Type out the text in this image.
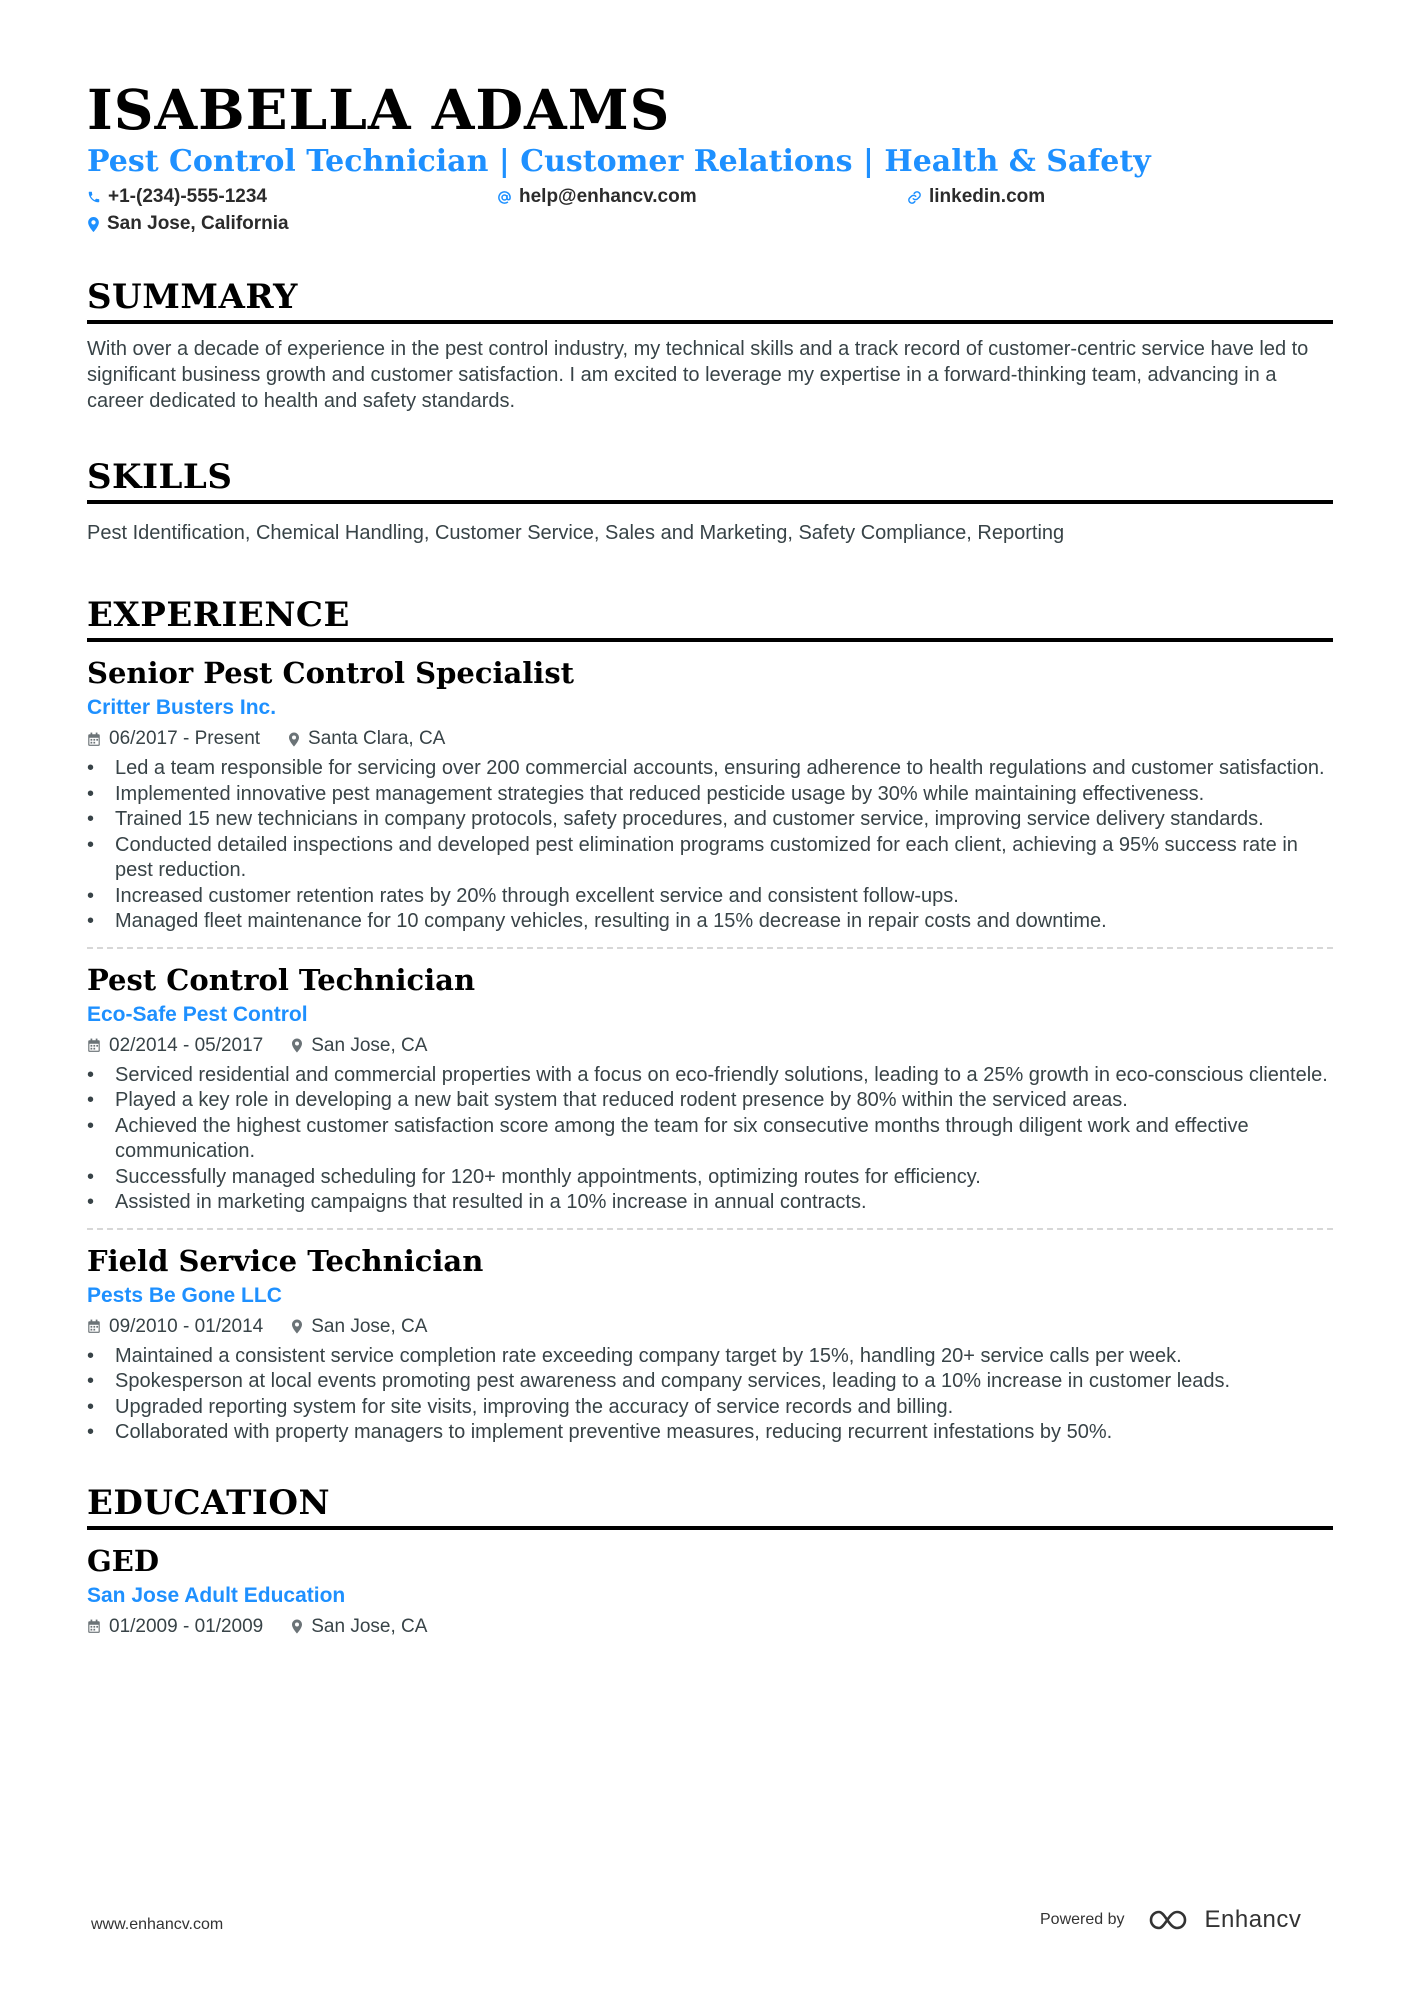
ISABELLA ADAMS
Pest Control Technician | Customer Relations | Health & Safety
+1-(234)-555-1234	help@enhancv.com	linkedin.com
San Jose, California
SUMMARY
With over a decade of experience in the pest control industry, my technical skills and a track record of customer-centric service have led to significant business growth and customer satisfaction. I am excited to leverage my expertise in a forward-thinking team, advancing in a career dedicated to health and safety standards.
SKILLS
Pest Identification, Chemical Handling, Customer Service, Sales and Marketing, Safety Compliance, Reporting
EXPERIENCE
Senior Pest Control Specialist
Critter Busters Inc.
06/2017 - Present	Santa Clara, CA
• Led a team responsible for servicing over 200 commercial accounts, ensuring adherence to health regulations and customer satisfaction.
• Implemented innovative pest management strategies that reduced pesticide usage by 30% while maintaining effectiveness.
• Trained 15 new technicians in company protocols, safety procedures, and customer service, improving service delivery standards.
• Conducted detailed inspections and developed pest elimination programs customized for each client, achieving a 95% success rate in pest reduction.
• Increased customer retention rates by 20% through excellent service and consistent follow-ups.
• Managed fleet maintenance for 10 company vehicles, resulting in a 15% decrease in repair costs and downtime.
Pest Control Technician
Eco-Safe Pest Control
02/2014 - 05/2017	San Jose, CA
• Serviced residential and commercial properties with a focus on eco-friendly solutions, leading to a 25% growth in eco-conscious clientele.
• Played a key role in developing a new bait system that reduced rodent presence by 80% within the serviced areas.
• Achieved the highest customer satisfaction score among the team for six consecutive months through diligent work and effective communication.
• Successfully managed scheduling for 120+ monthly appointments, optimizing routes for efficiency.
• Assisted in marketing campaigns that resulted in a 10% increase in annual contracts.
Field Service Technician
Pests Be Gone LLC
09/2010 - 01/2014	San Jose, CA
• Maintained a consistent service completion rate exceeding company target by 15%, handling 20+ service calls per week.
• Spokesperson at local events promoting pest awareness and company services, leading to a 10% increase in customer leads.
• Upgraded reporting system for site visits, improving the accuracy of service records and billing.
• Collaborated with property managers to implement preventive measures, reducing recurrent infestations by 50%.
EDUCATION
GED
San Jose Adult Education
01/2009 - 01/2009	San Jose, CA
www.enhancv.com	Powered by	Enhancv
